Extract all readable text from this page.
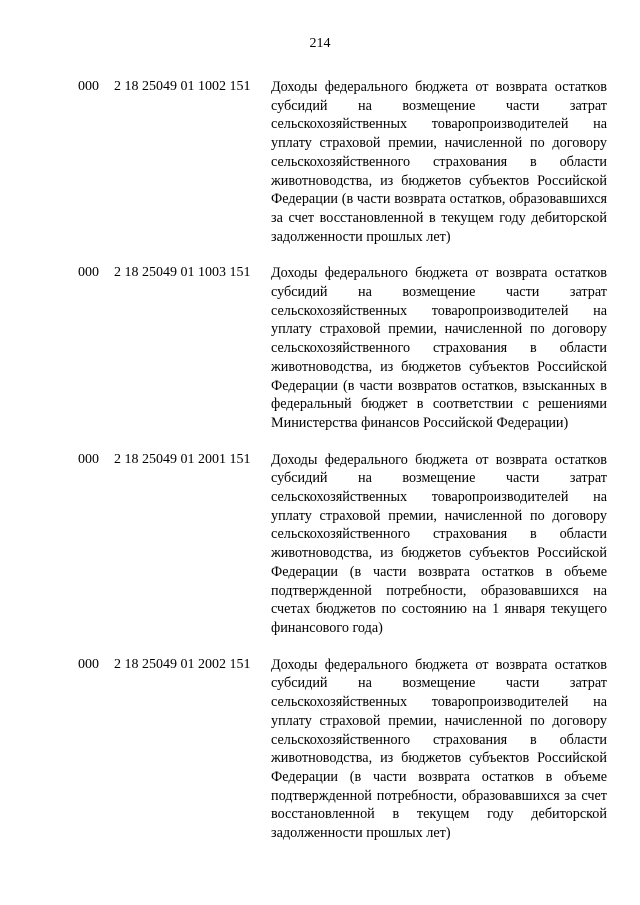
214
000 2 18 25049 01 1002 151 Доходы федерального бюджета от возврата остатков субсидий на возмещение части затрат сельскохозяйственных товаропроизводителей на уплату страховой премии, начисленной по договору сельскохозяйственного страхования в области животноводства, из бюджетов субъектов Российской Федерации (в части возврата остатков, образовавшихся за счет восстановленной в текущем году дебиторской задолженности прошлых лет)
000 2 18 25049 01 1003 151 Доходы федерального бюджета от возврата остатков субсидий на возмещение части затрат сельскохозяйственных товаропроизводителей на уплату страховой премии, начисленной по договору сельскохозяйственного страхования в области животноводства, из бюджетов субъектов Российской Федерации (в части возвратов остатков, взысканных в федеральный бюджет в соответствии с решениями Министерства финансов Российской Федерации)
000 2 18 25049 01 2001 151 Доходы федерального бюджета от возврата остатков субсидий на возмещение части затрат сельскохозяйственных товаропроизводителей на уплату страховой премии, начисленной по договору сельскохозяйственного страхования в области животноводства, из бюджетов субъектов Российской Федерации (в части возврата остатков в объеме подтвержденной потребности, образовавшихся на счетах бюджетов по состоянию на 1 января текущего финансового года)
000 2 18 25049 01 2002 151 Доходы федерального бюджета от возврата остатков субсидий на возмещение части затрат сельскохозяйственных товаропроизводителей на уплату страховой премии, начисленной по договору сельскохозяйственного страхования в области животноводства, из бюджетов субъектов Российской Федерации (в части возврата остатков в объеме подтвержденной потребности, образовавшихся за счет восстановленной в текущем году дебиторской задолженности прошлых лет)
